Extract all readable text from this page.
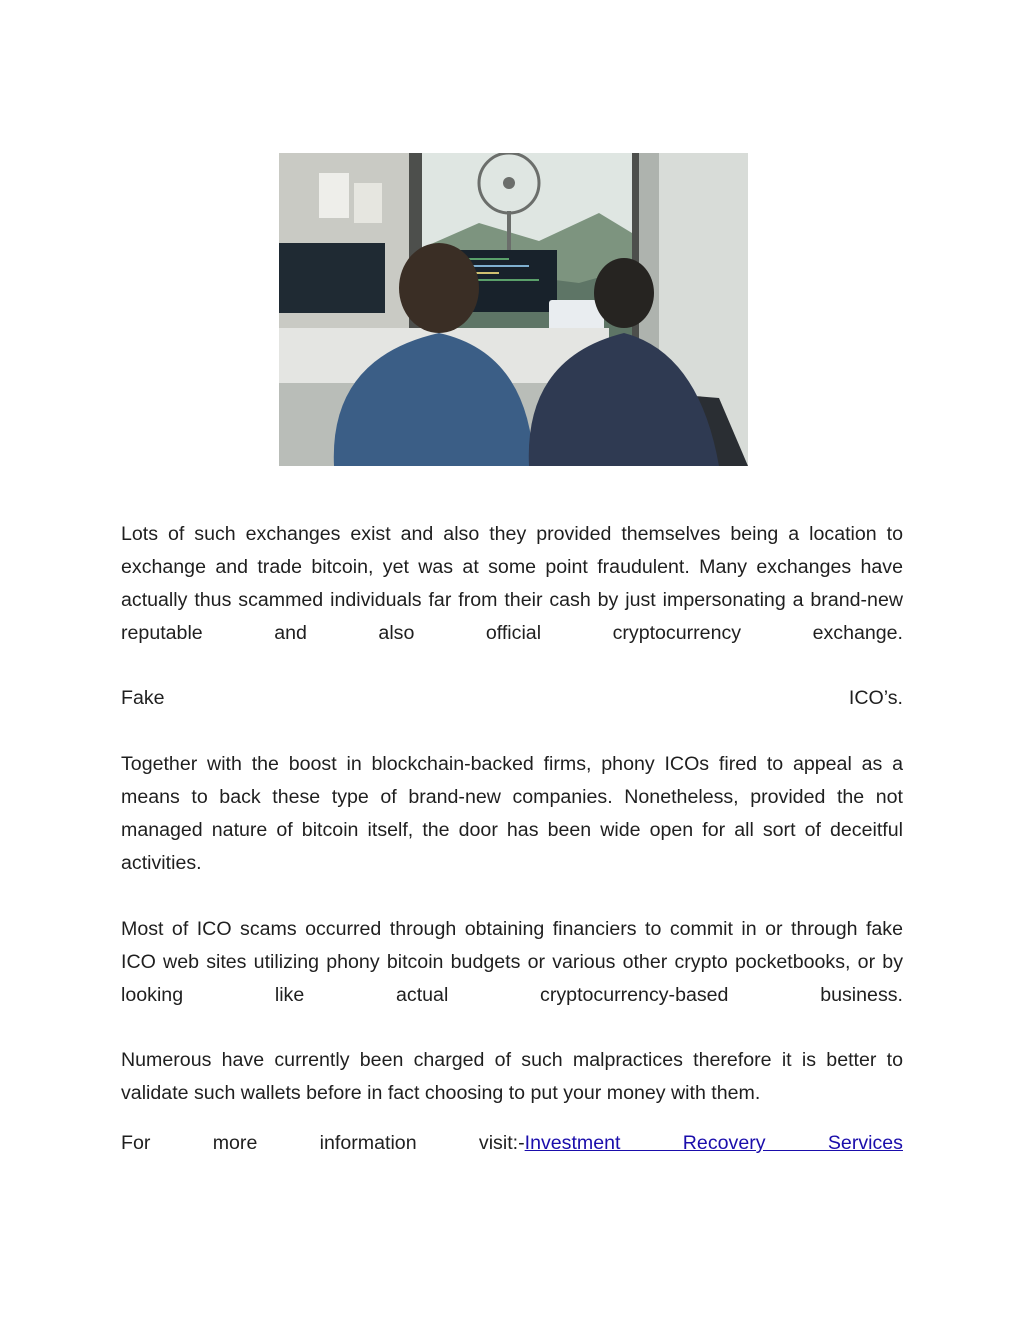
Lots of such exchanges exist and also they provided themselves being a location to exchange and trade bitcoin, yet was at some point fraudulent. Many exchanges have actually thus scammed individuals far from their cash by just impersonating a brand-new reputable and also official cryptocurrency exchange.

Fake	ICO’s.

Together with the boost in blockchain-backed firms, phony ICOs fired to appeal as a means to back these type of brand-new companies. Nonetheless, provided the not managed nature of bitcoin itself, the door has been wide open for all sort of deceitful activities.

Most of ICO scams occurred through obtaining financiers to commit in or through fake ICO web sites utilizing phony bitcoin budgets or various other crypto pocketbooks, or by looking like actual cryptocurrency-based business.

Numerous have currently been charged of such malpractices therefore it is better to validate such wallets before in fact choosing to put your money with them.

For more information visit:-Investment Recovery Services
